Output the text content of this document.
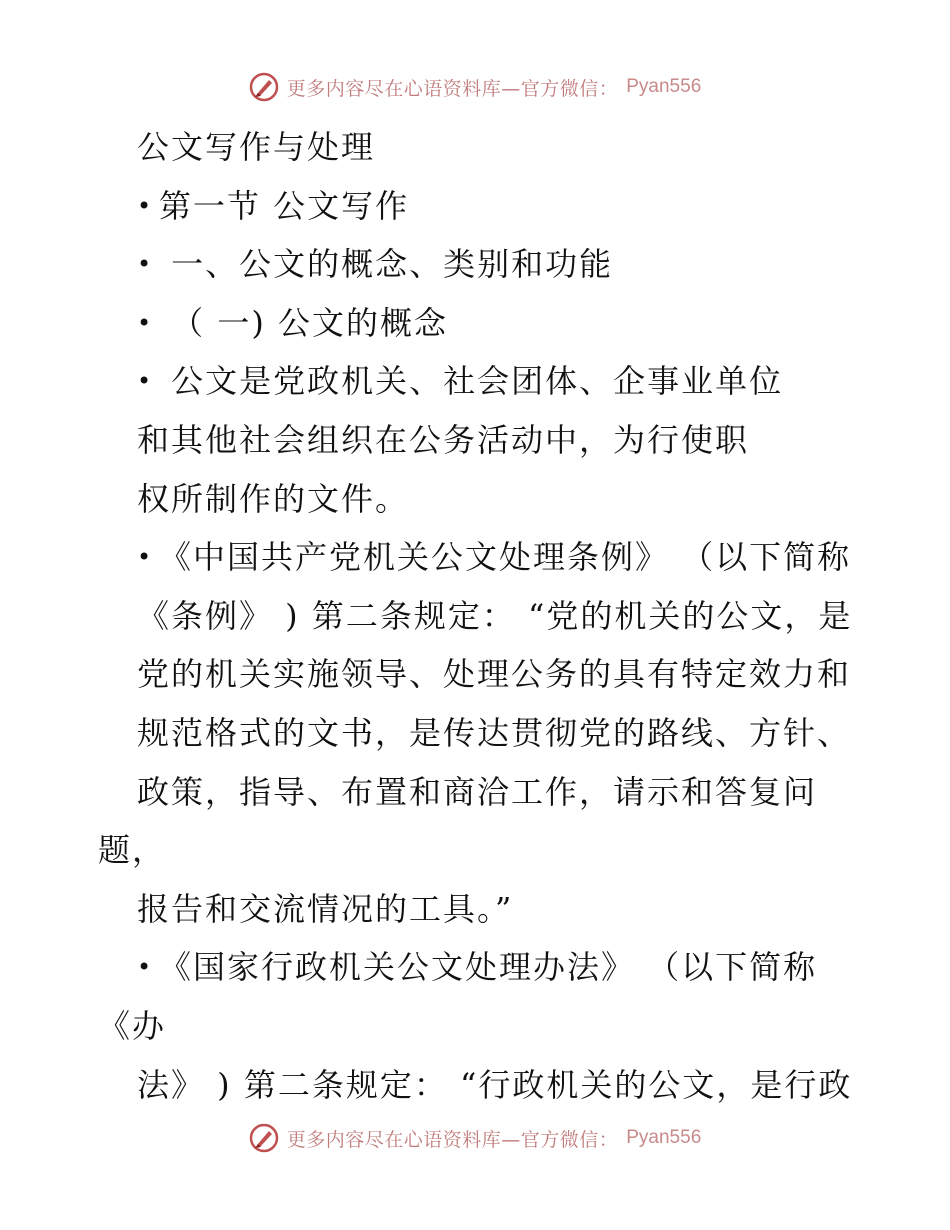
更多内容尽在心语资料库—官方微信： Pyan556
公文写作与处理
• 第一节 公文写作
• 一、公文的概念、类别和功能
• （ 一) 公文的概念
• 公文是党政机关、社会团体、企事业单位
和其他社会组织在公务活动中，为行使职
权所制作的文件。
• 《中国共产党机关公文处理条例》 （以下简称
《条例》 ) 第二条规定： “党的机关的公文，是
党的机关实施领导、处理公务的具有特定效力和
规范格式的文书，是传达贯彻党的路线、方针、
政策，指导、布置和商洽工作，请示和答复问
题，
报告和交流情况的工具。”
• 《国家行政机关公文处理办法》 （以下简称
《办
法》 ) 第二条规定： “行政机关的公文，是行政
更多内容尽在心语资料库—官方微信： Pyan556
